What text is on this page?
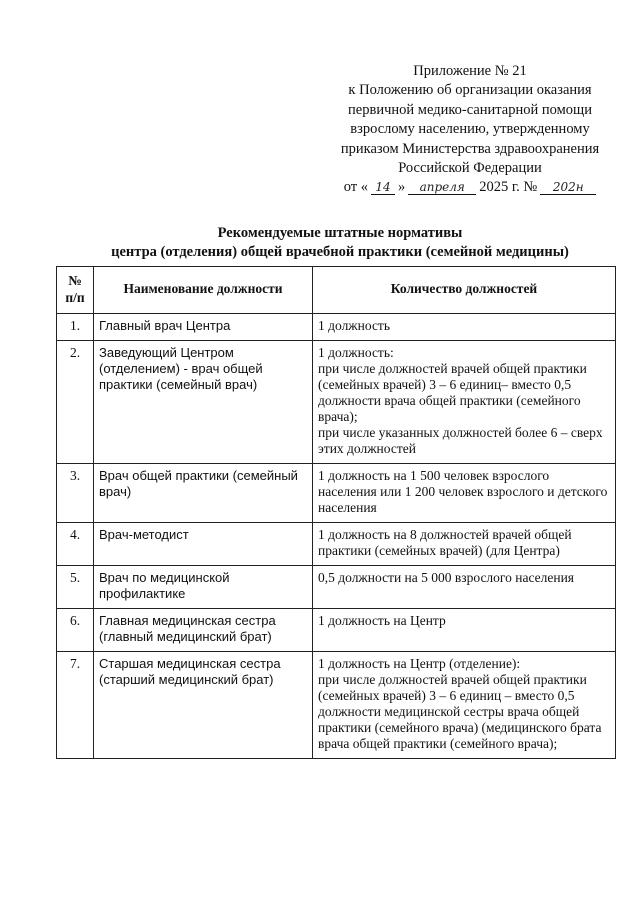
Приложение № 21
к Положению об организации оказания
первичной медико-санитарной помощи
взрослому населению, утвержденному
приказом Министерства здравоохранения
Российской Федерации
от « 14 »	апреля 2025 г. №	202н
Рекомендуемые штатные нормативы
центра (отделения) общей врачебной практики (семейной медицины)
№
п/п	Наименование должности	Количество должностей
1.	Главный врач Центра	1 должность

2.	Заведующий Центром (отделением) - врач общей практики (семейный врач)	1 должность:
при числе должностей врачей общей практики (семейных врачей) 3 – 6 единиц– вместо 0,5 должности врача общей практики (семейного врача);
при числе указанных должностей более 6 – сверх этих должностей

3.	Врач общей практики (семейный врач)	1 должность на 1 500 человек взрослого населения или 1 200 человек взрослого и детского населения

4.	Врач-методист	1 должность на 8 должностей врачей общей практики (семейных врачей) (для Центра)

5.	Врач по медицинской профилактике	0,5 должности на 5 000 взрослого населения

6.	Главная медицинская сестра (главный медицинский брат)	1 должность на Центр

7.	Старшая медицинская сестра (старший медицинский брат)	1 должность на Центр (отделение):
при числе должностей врачей общей практики (семейных врачей) 3 – 6 единиц – вместо 0,5 должности медицинской сестры врача общей практики (семейного врача) (медицинского брата врача общей практики (семейного врача);
